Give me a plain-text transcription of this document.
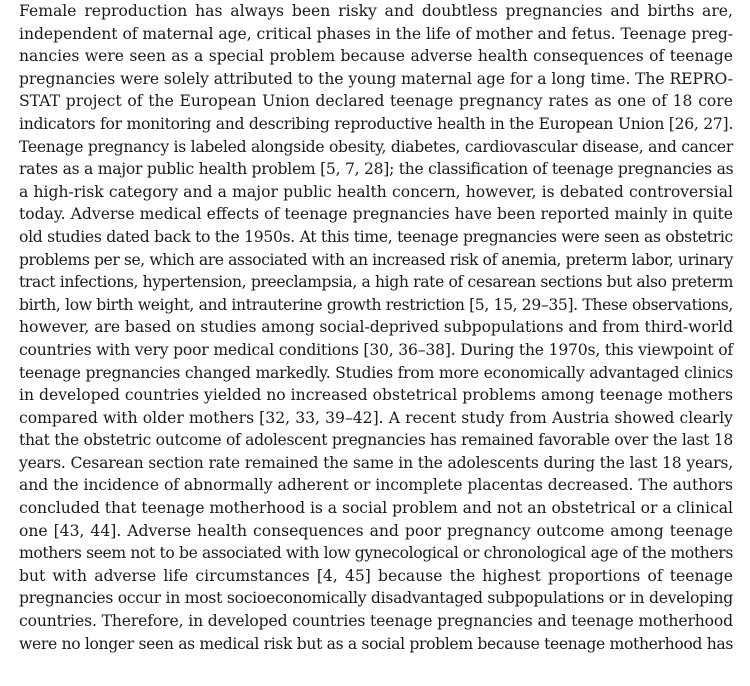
Female reproduction has always been risky and doubtless pregnancies and births are,
independent of maternal age, critical phases in the life of mother and fetus. Teenage preg-
nancies were seen as a special problem because adverse health consequences of teenage
pregnancies were solely attributed to the young maternal age for a long time. The REPRO-
STAT project of the European Union declared teenage pregnancy rates as one of 18 core
indicators for monitoring and describing reproductive health in the European Union [26, 27].
Teenage pregnancy is labeled alongside obesity, diabetes, cardiovascular disease, and cancer
rates as a major public health problem [5, 7, 28]; the classification of teenage pregnancies as
a high-risk category and a major public health concern, however, is debated controversial
today. Adverse medical effects of teenage pregnancies have been reported mainly in quite
old studies dated back to the 1950s. At this time, teenage pregnancies were seen as obstetric
problems per se, which are associated with an increased risk of anemia, preterm labor, urinary
tract infections, hypertension, preeclampsia, a high rate of cesarean sections but also preterm
birth, low birth weight, and intrauterine growth restriction [5, 15, 29–35]. These observations,
however, are based on studies among social-deprived subpopulations and from third-world
countries with very poor medical conditions [30, 36–38]. During the 1970s, this viewpoint of
teenage pregnancies changed markedly. Studies from more economically advantaged clinics
in developed countries yielded no increased obstetrical problems among teenage mothers
compared with older mothers [32, 33, 39–42]. A recent study from Austria showed clearly
that the obstetric outcome of adolescent pregnancies has remained favorable over the last 18
years. Cesarean section rate remained the same in the adolescents during the last 18 years,
and the incidence of abnormally adherent or incomplete placentas decreased. The authors
concluded that teenage motherhood is a social problem and not an obstetrical or a clinical
one [43, 44]. Adverse health consequences and poor pregnancy outcome among teenage
mothers seem not to be associated with low gynecological or chronological age of the mothers
but with adverse life circumstances [4, 45] because the highest proportions of teenage
pregnancies occur in most socioeconomically disadvantaged subpopulations or in developing
countries. Therefore, in developed countries teenage pregnancies and teenage motherhood
were no longer seen as medical risk but as a social problem because teenage motherhood has
